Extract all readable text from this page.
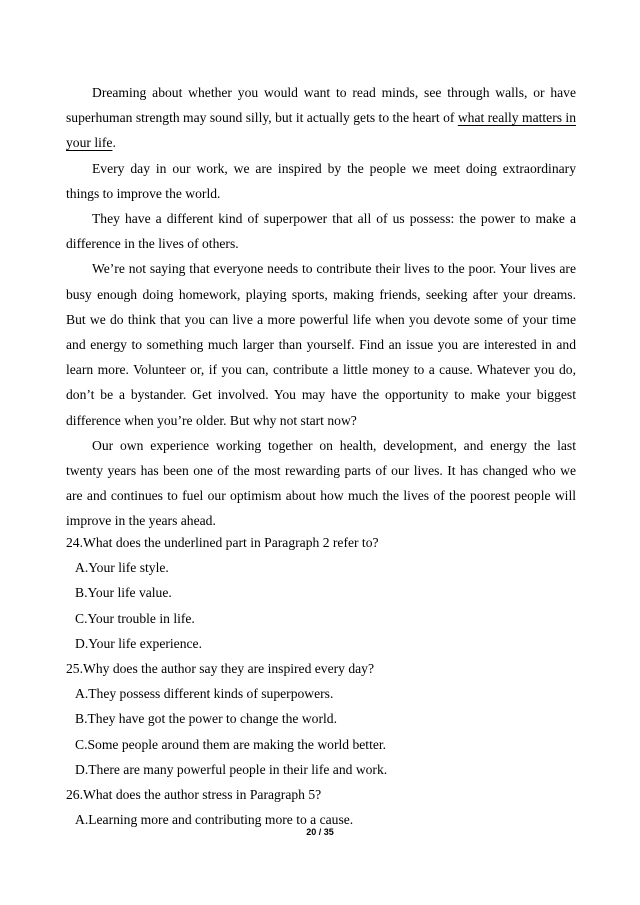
Dreaming about whether you would want to read minds, see through walls, or have superhuman strength may sound silly, but it actually gets to the heart of what really matters in your life.

Every day in our work, we are inspired by the people we meet doing extraordinary things to improve the world.

They have a different kind of superpower that all of us possess: the power to make a difference in the lives of others.

We’re not saying that everyone needs to contribute their lives to the poor. Your lives are busy enough doing homework, playing sports, making friends, seeking after your dreams. But we do think that you can live a more powerful life when you devote some of your time and energy to something much larger than yourself. Find an issue you are interested in and learn more. Volunteer or, if you can, contribute a little money to a cause. Whatever you do, don’t be a bystander. Get involved. You may have the opportunity to make your biggest difference when you’re older. But why not start now?

Our own experience working together on health, development, and energy the last twenty years has been one of the most rewarding parts of our lives. It has changed who we are and continues to fuel our optimism about how much the lives of the poorest people will improve in the years ahead.

24.What does the underlined part in Paragraph 2 refer to?

A.Your life style.

B.Your life value.

C.Your trouble in life.

D.Your life experience.

25.Why does the author say they are inspired every day?

A.They possess different kinds of superpowers.

B.They have got the power to change the world.

C.Some people around them are making the world better.

D.There are many powerful people in their life and work.

26.What does the author stress in Paragraph 5?

A.Learning more and contributing more to a cause.

20 / 35
